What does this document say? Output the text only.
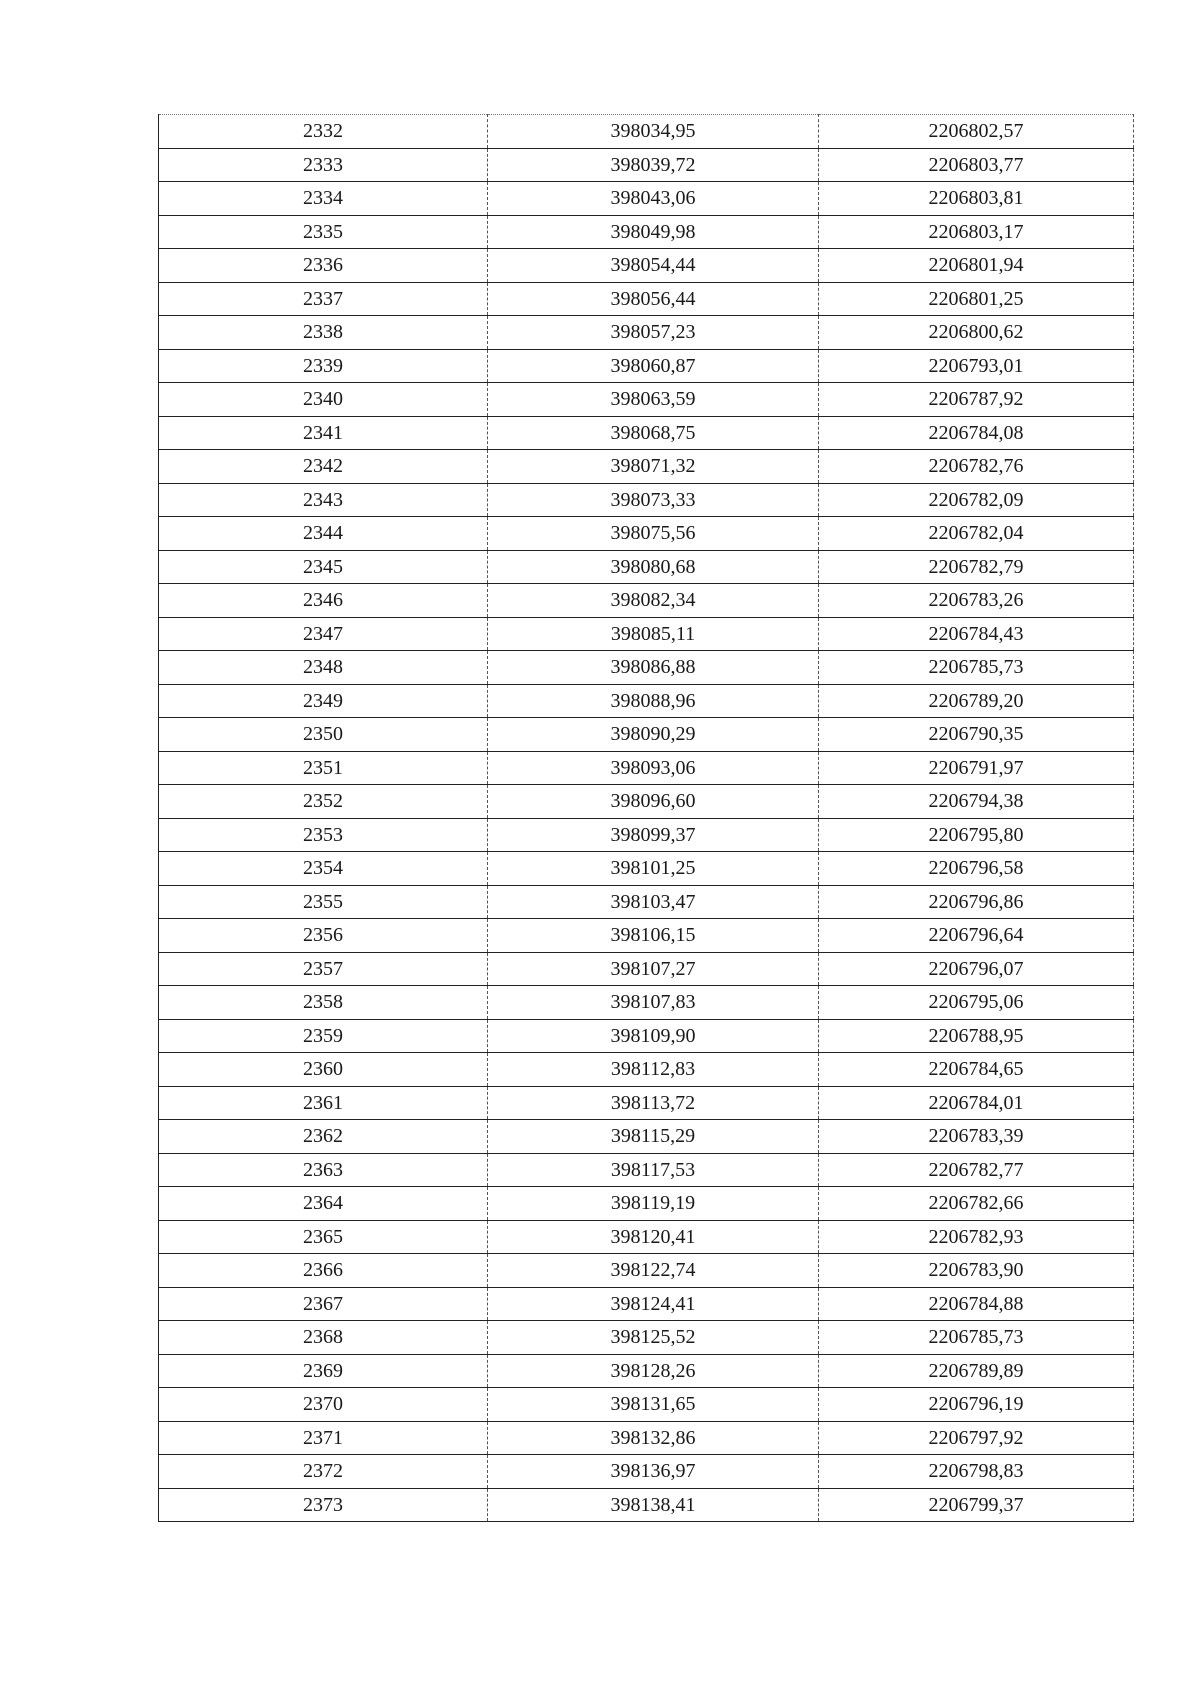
2332	398034,95	2206802,57
2333	398039,72	2206803,77
2334	398043,06	2206803,81
2335	398049,98	2206803,17
2336	398054,44	2206801,94
2337	398056,44	2206801,25
2338	398057,23	2206800,62
2339	398060,87	2206793,01
2340	398063,59	2206787,92
2341	398068,75	2206784,08
2342	398071,32	2206782,76
2343	398073,33	2206782,09
2344	398075,56	2206782,04
2345	398080,68	2206782,79
2346	398082,34	2206783,26
2347	398085,11	2206784,43
2348	398086,88	2206785,73
2349	398088,96	2206789,20
2350	398090,29	2206790,35
2351	398093,06	2206791,97
2352	398096,60	2206794,38
2353	398099,37	2206795,80
2354	398101,25	2206796,58
2355	398103,47	2206796,86
2356	398106,15	2206796,64
2357	398107,27	2206796,07
2358	398107,83	2206795,06
2359	398109,90	2206788,95
2360	398112,83	2206784,65
2361	398113,72	2206784,01
2362	398115,29	2206783,39
2363	398117,53	2206782,77
2364	398119,19	2206782,66
2365	398120,41	2206782,93
2366	398122,74	2206783,90
2367	398124,41	2206784,88
2368	398125,52	2206785,73
2369	398128,26	2206789,89
2370	398131,65	2206796,19
2371	398132,86	2206797,92
2372	398136,97	2206798,83
2373	398138,41	2206799,37
